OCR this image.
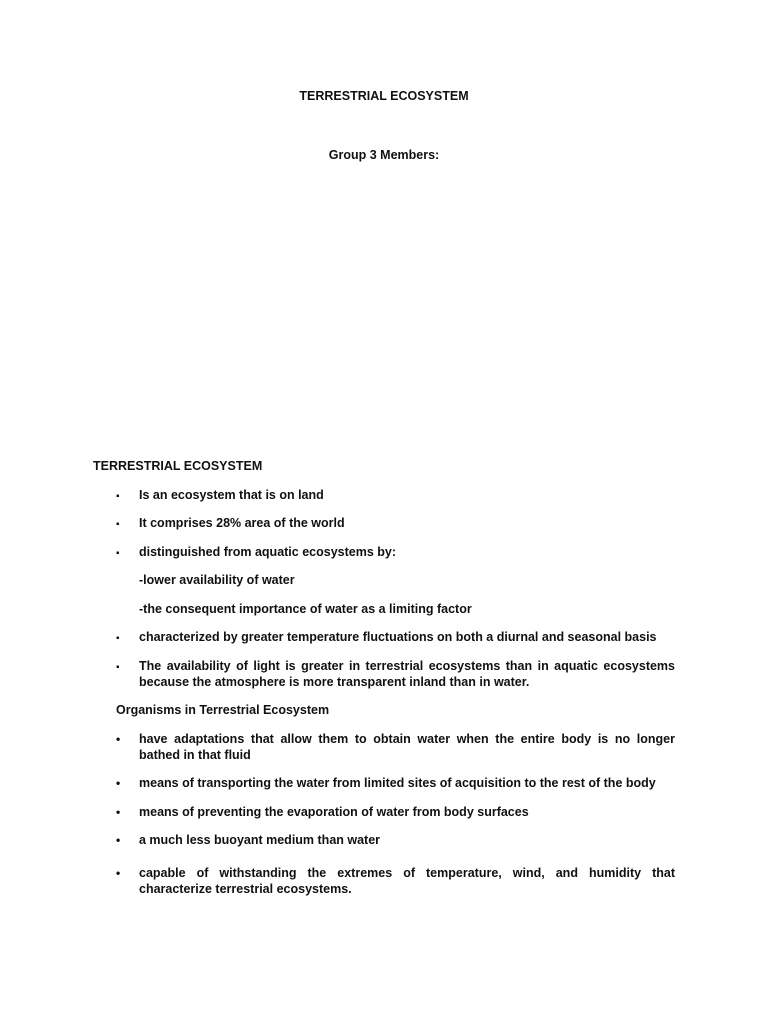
TERRESTRIAL ECOSYSTEM
Group 3 Members:
TERRESTRIAL ECOSYSTEM
▪ Is an ecosystem that is on land
▪ It comprises 28% area of the world
▪ distinguished from aquatic ecosystems by:
-lower availability of water
-the consequent importance of water as a limiting factor
▪ characterized by greater temperature fluctuations on both a diurnal and seasonal basis
▪ The availability of light is greater in terrestrial ecosystems than in aquatic ecosystems because the atmosphere is more transparent inland than in water.
Organisms in Terrestrial Ecosystem
• have adaptations that allow them to obtain water when the entire body is no longer bathed in that fluid
• means of transporting the water from limited sites of acquisition to the rest of the body
• means of preventing the evaporation of water from body surfaces
• a much less buoyant medium than water
• capable of withstanding the extremes of temperature, wind, and humidity that characterize terrestrial ecosystems.
